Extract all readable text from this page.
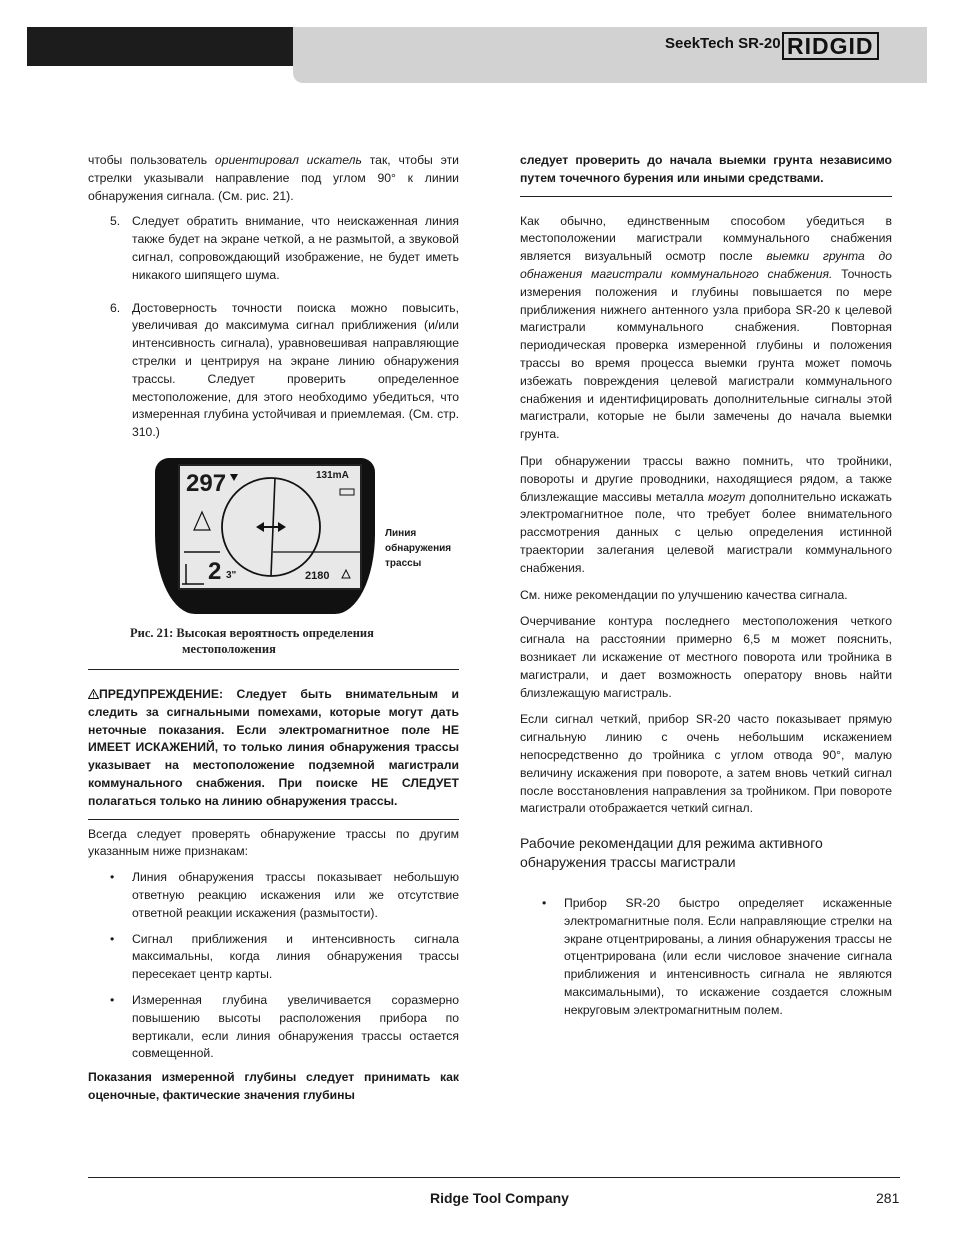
SeekTech SR-20 RIDGID

чтобы пользователь ориентировал искатель так, чтобы эти стрелки указывали направление под углом 90° к линии обнаружения сигнала. (См. рис. 21).

5. Следует обратить внимание, что неискаженная линия также будет на экране четкой, а не размытой, а звуковой сигнал, сопровождающий изображение, не будет иметь никакого шипящего шума.
6. Достоверность точности поиска можно повысить, увеличивая до максимума сигнал приближения (и/или интенсивность сигнала), уравновешивая направляющие стрелки и центрируя на экране линию обнаружения трассы. Следует проверить определенное местоположение, для этого необходимо убедиться, что измеренная глубина устойчивая и приемлемая. (См. стр. 310.)
297	131mA
2 3"	2180
Линия обнаружения трассы
Рис. 21: Высокая вероятность определения
местоположения

ПРЕДУПРЕЖДЕНИЕ: Следует быть внимательным и следить за сигнальными помехами, которые могут дать неточные показания. Если электромагнитное поле НЕ ИМЕЕТ ИСКАЖЕНИЙ, то только линия обнаружения трассы указывает на местоположение подземной магистрали коммунального снабжения. При поиске НЕ СЛЕДУЕТ полагаться только на линию обнаружения трассы.

Всегда следует проверять обнаружение трассы по другим указанным ниже признакам:

• Линия обнаружения трассы показывает небольшую ответную реакцию искажения или же отсутствие ответной реакции искажения (размытости).
• Сигнал приближения и интенсивность сигнала максимальны, когда линия обнаружения трассы пересекает центр карты.
• Измеренная глубина увеличивается соразмерно повышению высоты расположения прибора по вертикали, если линия обнаружения трассы остается совмещенной.

Показания измеренной глубины следует принимать как оценочные, фактические значения глубины

следует проверить до начала выемки грунта независимо путем точечного бурения или иными средствами.

Как обычно, единственным способом убедиться в местоположении магистрали коммунального снабжения является визуальный осмотр после выемки грунта до обнажения магистрали коммунального снабжения. Точность измерения положения и глубины повышается по мере приближения нижнего антенного узла прибора SR-20 к целевой магистрали коммунального снабжения. Повторная периодическая проверка измеренной глубины и положения трассы во время процесса выемки грунта может помочь избежать повреждения целевой магистрали коммунального снабжения и идентифицировать дополнительные сигналы этой магистрали, которые не были замечены до начала выемки грунта.

При обнаружении трассы важно помнить, что тройники, повороты и другие проводники, находящиеся рядом, а также близлежащие массивы металла могут дополнительно искажать электромагнитное поле, что требует более внимательного рассмотрения данных с целью определения истинной траектории залегания целевой магистрали коммунального снабжения.

См. ниже рекомендации по улучшению качества сигнала.

Очерчивание контура последнего местоположения четкого сигнала на расстоянии примерно 6,5 м может пояснить, возникает ли искажение от местного поворота или тройника в магистрали, и дает возможность оператору вновь найти близлежащую магистраль.

Если сигнал четкий, прибор SR-20 часто показывает прямую сигнальную линию с очень небольшим искажением непосредственно до тройника с углом отвода 90°, малую величину искажения при повороте, а затем вновь четкий сигнал после восстановления направления за тройником. При повороте магистрали отображается четкий сигнал.

Рабочие рекомендации для режима активного обнаружения трассы магистрали

• Прибор SR-20 быстро определяет искаженные электромагнитные поля. Если направляющие стрелки на экране отцентрированы, а линия обнаружения трассы не отцентрирована (или если числовое значение сигнала приближения и интенсивность сигнала не являются максимальными), то искажение создается сложным некруговым электромагнитным полем.
Ridge Tool Company	281
